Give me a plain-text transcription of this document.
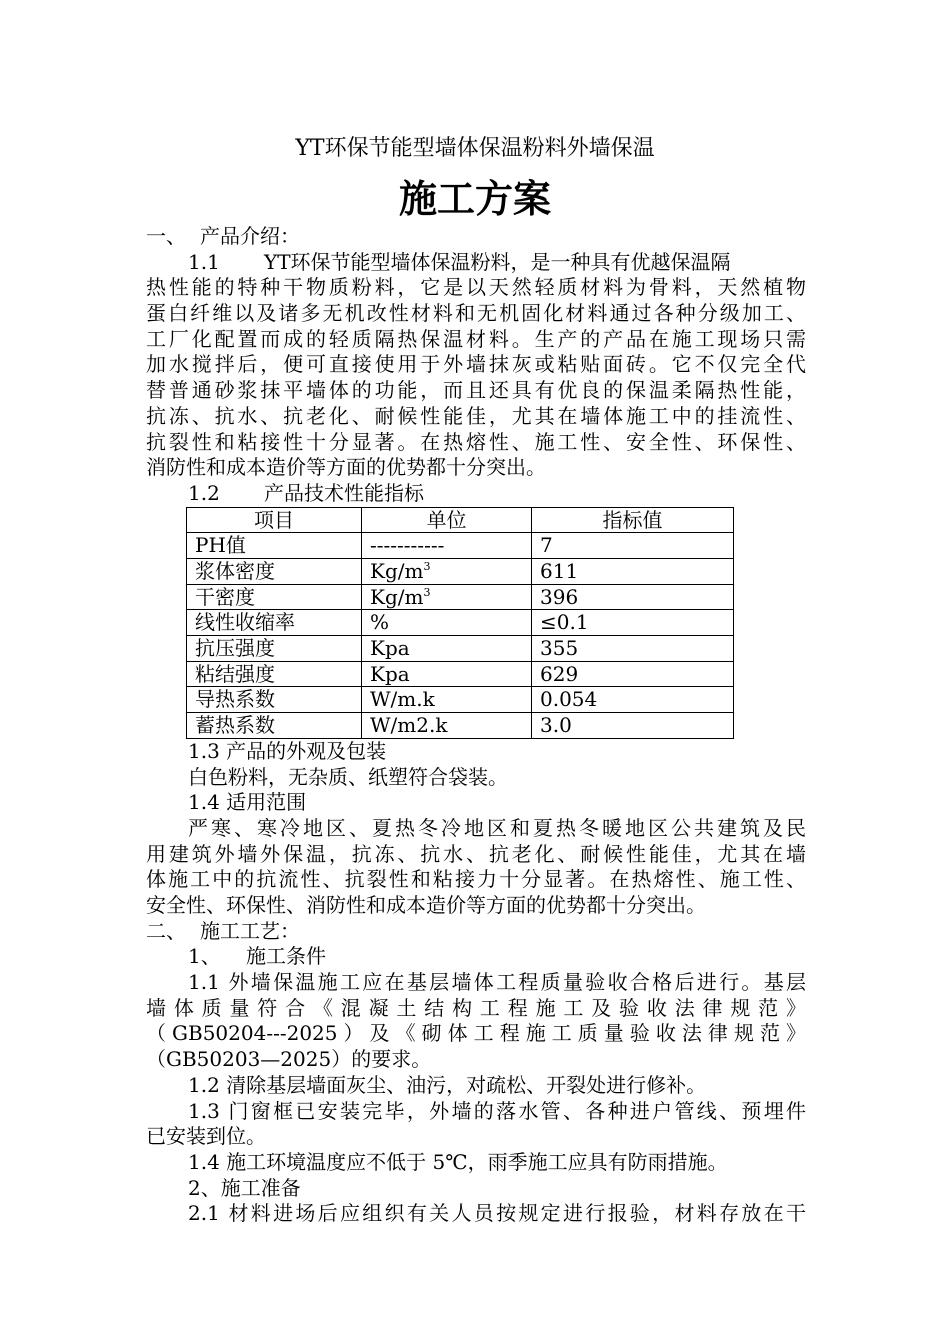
YT环保节能型墙体保温粉料外墙保温
施工方案
一、 产品介绍：
1.1 YT环保节能型墙体保温粉料，是一种具有优越保温隔
热性能的特种干物质粉料，它是以天然轻质材料为骨料，天然植物
蛋白纤维以及诸多无机改性材料和无机固化材料通过各种分级加工、
工厂化配置而成的轻质隔热保温材料。生产的产品在施工现场只需
加水搅拌后，便可直接使用于外墙抹灰或粘贴面砖。它不仅完全代
替普通砂浆抹平墙体的功能，而且还具有优良的保温柔隔热性能，
抗冻、抗水、抗老化、耐候性能佳，尤其在墙体施工中的挂流性、
抗裂性和粘接性十分显著。在热熔性、施工性、安全性、环保性、
消防性和成本造价等方面的优势都十分突出。
1.2 产品技术性能指标
项目	单位	指标值
PH值	-----------	7
浆体密度	$Kg/m^3$	611
干密度	$Kg/m^3$	396
线性收缩率	%	≤0.1
抗压强度	Kpa	355
粘结强度	Kpa	629
导热系数	W/m.k	0.054
蓄热系数	W/m2.k	3.0
1.3 产品的外观及包装
白色粉料，无杂质、纸塑符合袋装。
1.4 适用范围
严寒、寒冷地区、夏热冬冷地区和夏热冬暖地区公共建筑及民
用建筑外墙外保温，抗冻、抗水、抗老化、耐候性能佳，尤其在墙
体施工中的抗流性、抗裂性和粘接力十分显著。在热熔性、施工性、
安全性、环保性、消防性和成本造价等方面的优势都十分突出。
二、 施工工艺：
1、 施工条件
1.1 外墙保温施工应在基层墙体工程质量验收合格后进行。基层
墙体质量符合《混凝土结构工程施工及验收法律规范》
（GB50204---2025）及《砌体工程施工质量验收法律规范》
（GB50203—2025）的要求。
1.2 清除基层墙面灰尘、油污，对疏松、开裂处进行修补。
1.3 门窗框已安装完毕，外墙的落水管、各种进户管线、预埋件
已安装到位。
1.4 施工环境温度应不低于 5℃，雨季施工应具有防雨措施。
2、施工准备
2.1 材料进场后应组织有关人员按规定进行报验，材料存放在干
